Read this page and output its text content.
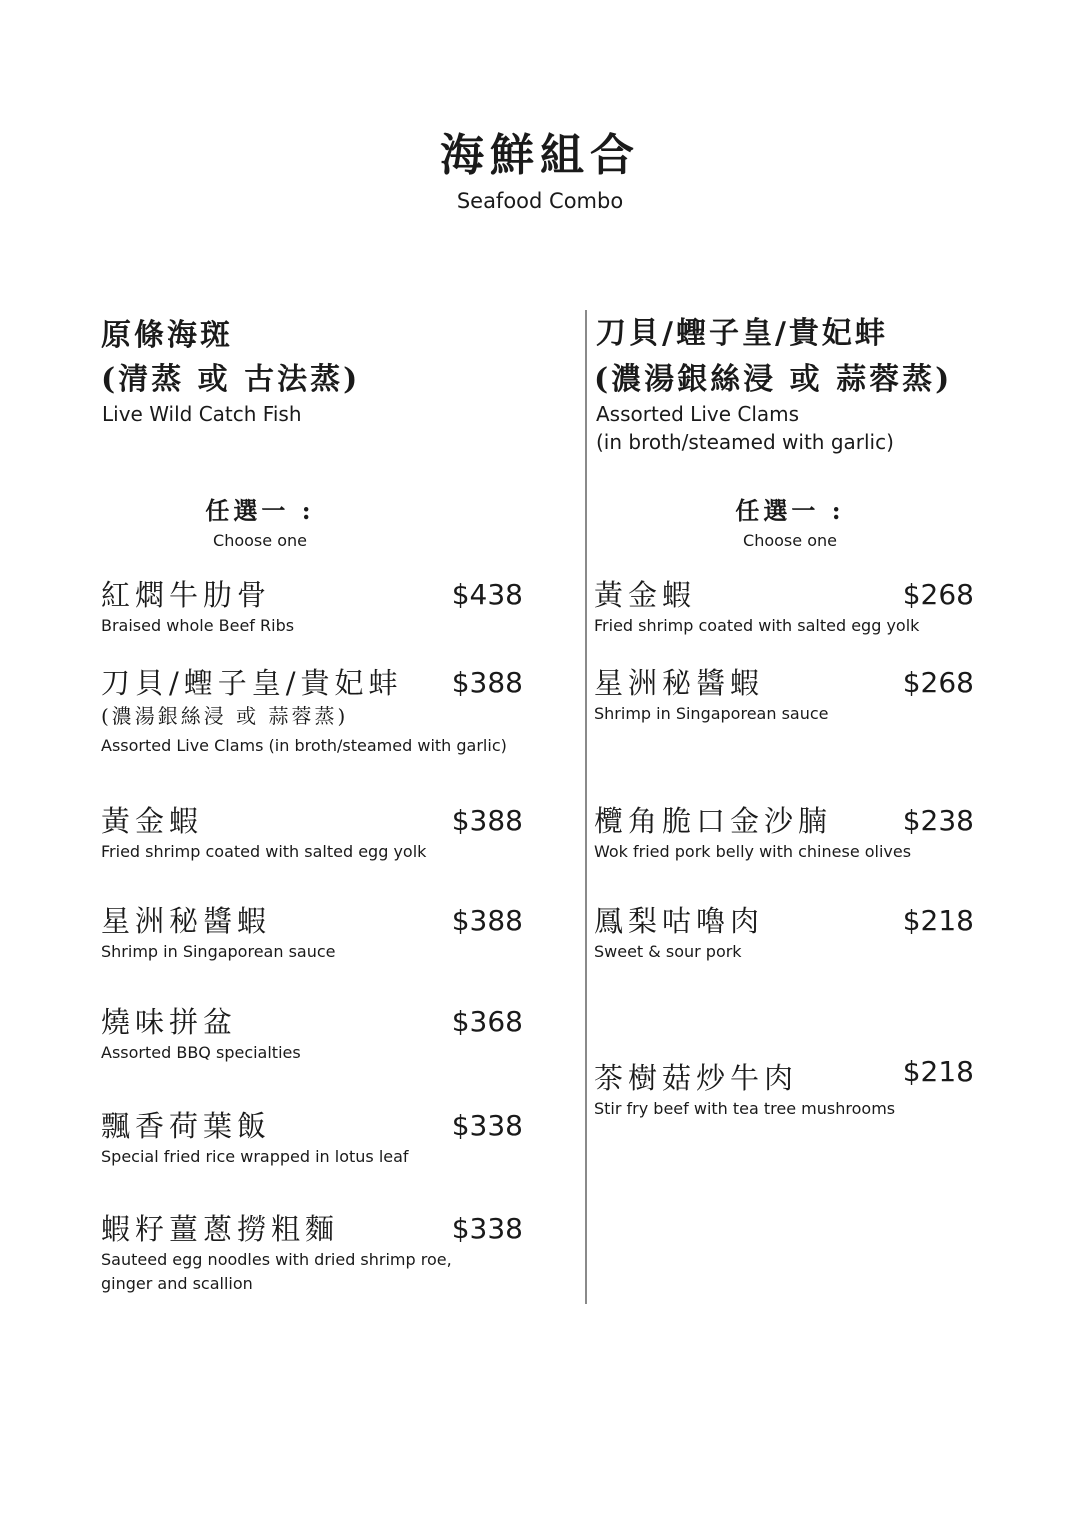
海鮮組合
Seafood Combo
原條海斑
(清蒸 或 古法蒸)
Live Wild Catch Fish
任選一 :
Choose one
紅燜牛肋骨
Braised whole Beef Ribs
$438
刀貝/蟶子皇/貴妃蚌
(濃湯銀絲浸 或 蒜蓉蒸)
Assorted Live Clams (in broth/steamed with garlic)
$388
黃金蝦
Fried shrimp coated with salted egg yolk
$388
星洲秘醬蝦
Shrimp in Singaporean sauce
$388
燒味拼盆
Assorted BBQ specialties
$368
飄香荷葉飯
Special fried rice wrapped in lotus leaf
$338
蝦籽薑蔥撈粗麵
Sauteed egg noodles with dried shrimp roe, ginger and scallion
$338
刀貝/蟶子皇/貴妃蚌
(濃湯銀絲浸 或 蒜蓉蒸)
Assorted Live Clams
(in broth/steamed with garlic)
任選一 :
Choose one
黃金蝦
Fried shrimp coated with salted egg yolk
$268
星洲秘醬蝦
Shrimp in Singaporean sauce
$268
欖角脆口金沙腩
Wok fried pork belly with chinese olives
$238
鳳梨咕嚕肉
Sweet & sour pork
$218
茶樹菇炒牛肉
Stir fry beef with tea tree mushrooms
$218
